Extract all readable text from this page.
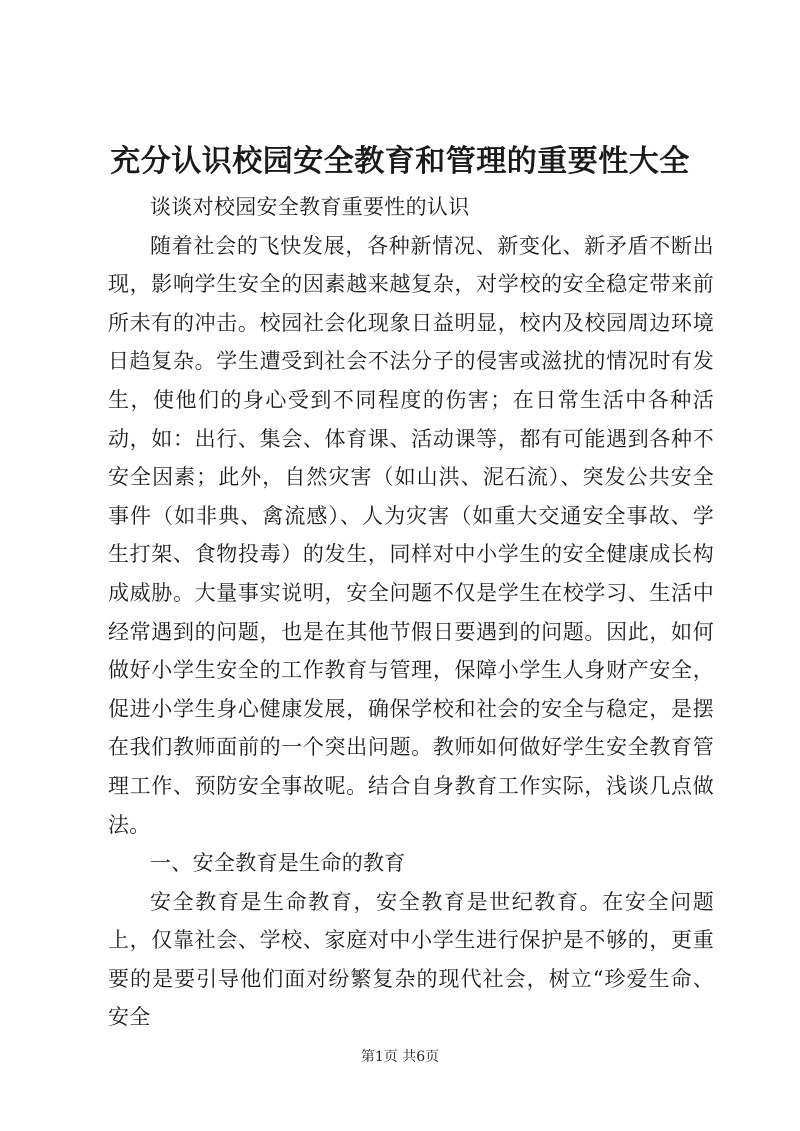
充分认识校园安全教育和管理的重要性大全

谈谈对校园安全教育重要性的认识

随着社会的飞快发展，各种新情况、新变化、新矛盾不断出现，影响学生安全的因素越来越复杂，对学校的安全稳定带来前所未有的冲击。校园社会化现象日益明显，校内及校园周边环境日趋复杂。学生遭受到社会不法分子的侵害或滋扰的情况时有发生，使他们的身心受到不同程度的伤害；在日常生活中各种活动，如：出行、集会、体育课、活动课等，都有可能遇到各种不安全因素；此外，自然灾害（如山洪、泥石流）、突发公共安全事件（如非典、禽流感）、人为灾害（如重大交通安全事故、学生打架、食物投毒）的发生，同样对中小学生的安全健康成长构成威胁。大量事实说明，安全问题不仅是学生在校学习、生活中经常遇到的问题，也是在其他节假日要遇到的问题。因此，如何做好小学生安全的工作教育与管理，保障小学生人身财产安全，促进小学生身心健康发展，确保学校和社会的安全与稳定，是摆在我们教师面前的一个突出问题。教师如何做好学生安全教育管理工作、预防安全事故呢。结合自身教育工作实际，浅谈几点做法。

一、安全教育是生命的教育

安全教育是生命教育，安全教育是世纪教育。在安全问题上，仅靠社会、学校、家庭对中小学生进行保护是不够的，更重要的是要引导他们面对纷繁复杂的现代社会，树立“珍爱生命、安全

第1页 共6页
